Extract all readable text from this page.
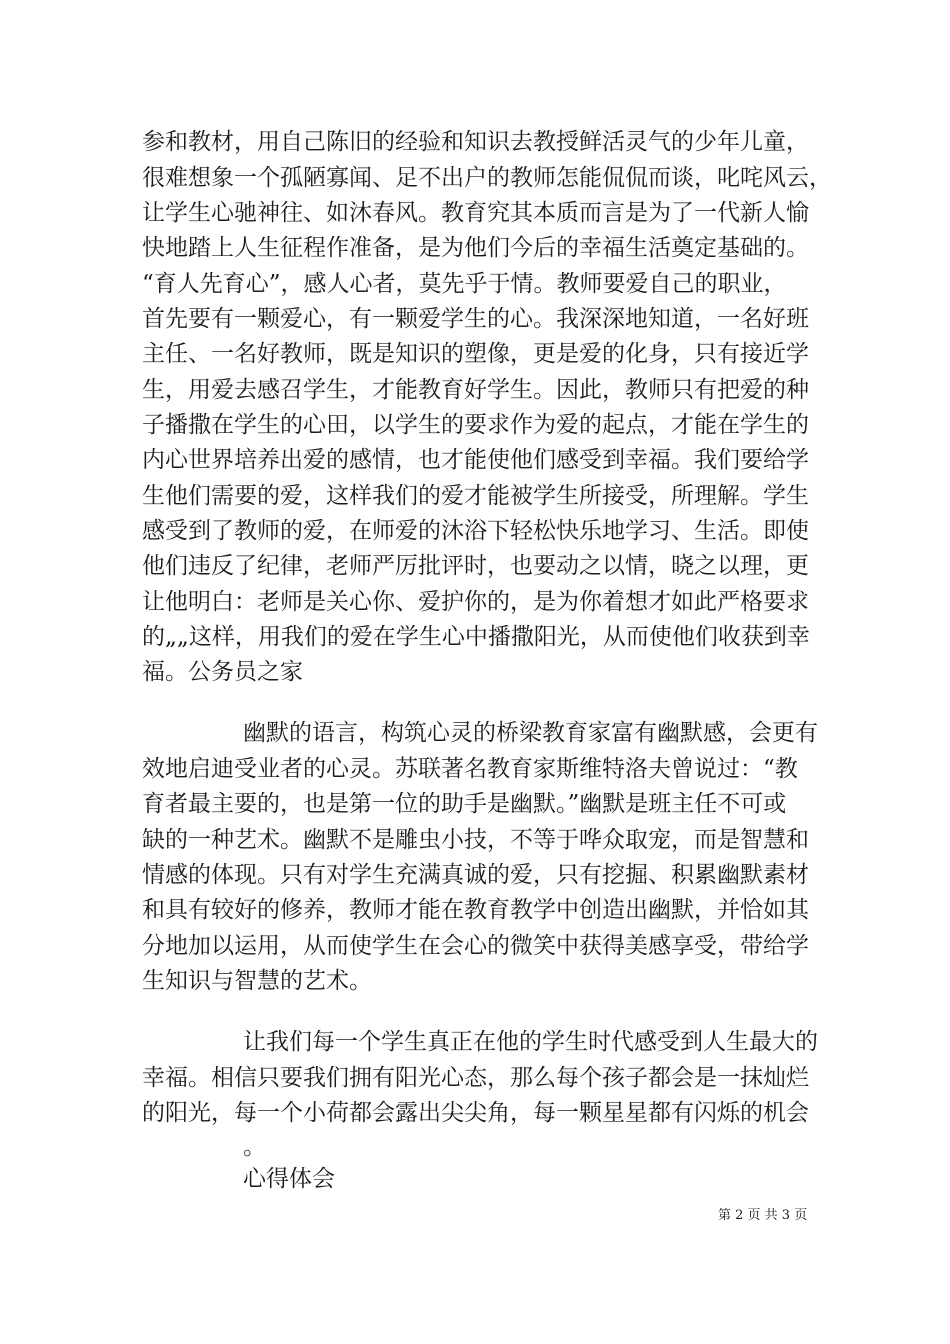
参和教材，用自己陈旧的经验和知识去教授鲜活灵气的少年儿童，
很难想象一个孤陋寡闻、足不出户的教师怎能侃侃而谈，叱咤风云，
让学生心驰神往、如沐春风。教育究其本质而言是为了一代新人愉
快地踏上人生征程作准备，是为他们今后的幸福生活奠定基础的。
“育人先育心”，感人心者，莫先乎于情。教师要爱自己的职业，
首先要有一颗爱心，有一颗爱学生的心。我深深地知道，一名好班
主任、一名好教师，既是知识的塑像，更是爱的化身，只有接近学
生，用爱去感召学生，才能教育好学生。因此，教师只有把爱的种
子播撒在学生的心田，以学生的要求作为爱的起点，才能在学生的
内心世界培养出爱的感情，也才能使他们感受到幸福。我们要给学
生他们需要的爱，这样我们的爱才能被学生所接受，所理解。学生
感受到了教师的爱，在师爱的沐浴下轻松快乐地学习、生活。即使
他们违反了纪律，老师严厉批评时，也要动之以情，晓之以理，更
让他明白：老师是关心你、爱护你的，是为你着想才如此严格要求
的„„这样，用我们的爱在学生心中播撒阳光，从而使他们收获到幸
福。公务员之家
幽默的语言，构筑心灵的桥梁教育家富有幽默感，会更有
效地启迪受业者的心灵。苏联著名教育家斯维特洛夫曾说过：“教
育者最主要的，也是第一位的助手是幽默。”幽默是班主任不可或
缺的一种艺术。幽默不是雕虫小技，不等于哗众取宠，而是智慧和
情感的体现。只有对学生充满真诚的爱，只有挖掘、积累幽默素材
和具有较好的修养，教师才能在教育教学中创造出幽默，并恰如其
分地加以运用，从而使学生在会心的微笑中获得美感享受，带给学
生知识与智慧的艺术。
让我们每一个学生真正在他的学生时代感受到人生最大的
幸福。相信只要我们拥有阳光心态，那么每个孩子都会是一抹灿烂
的阳光，每一个小荷都会露出尖尖角，每一颗星星都有闪烁的机会
。
心得体会
第 2 页 共 3 页
